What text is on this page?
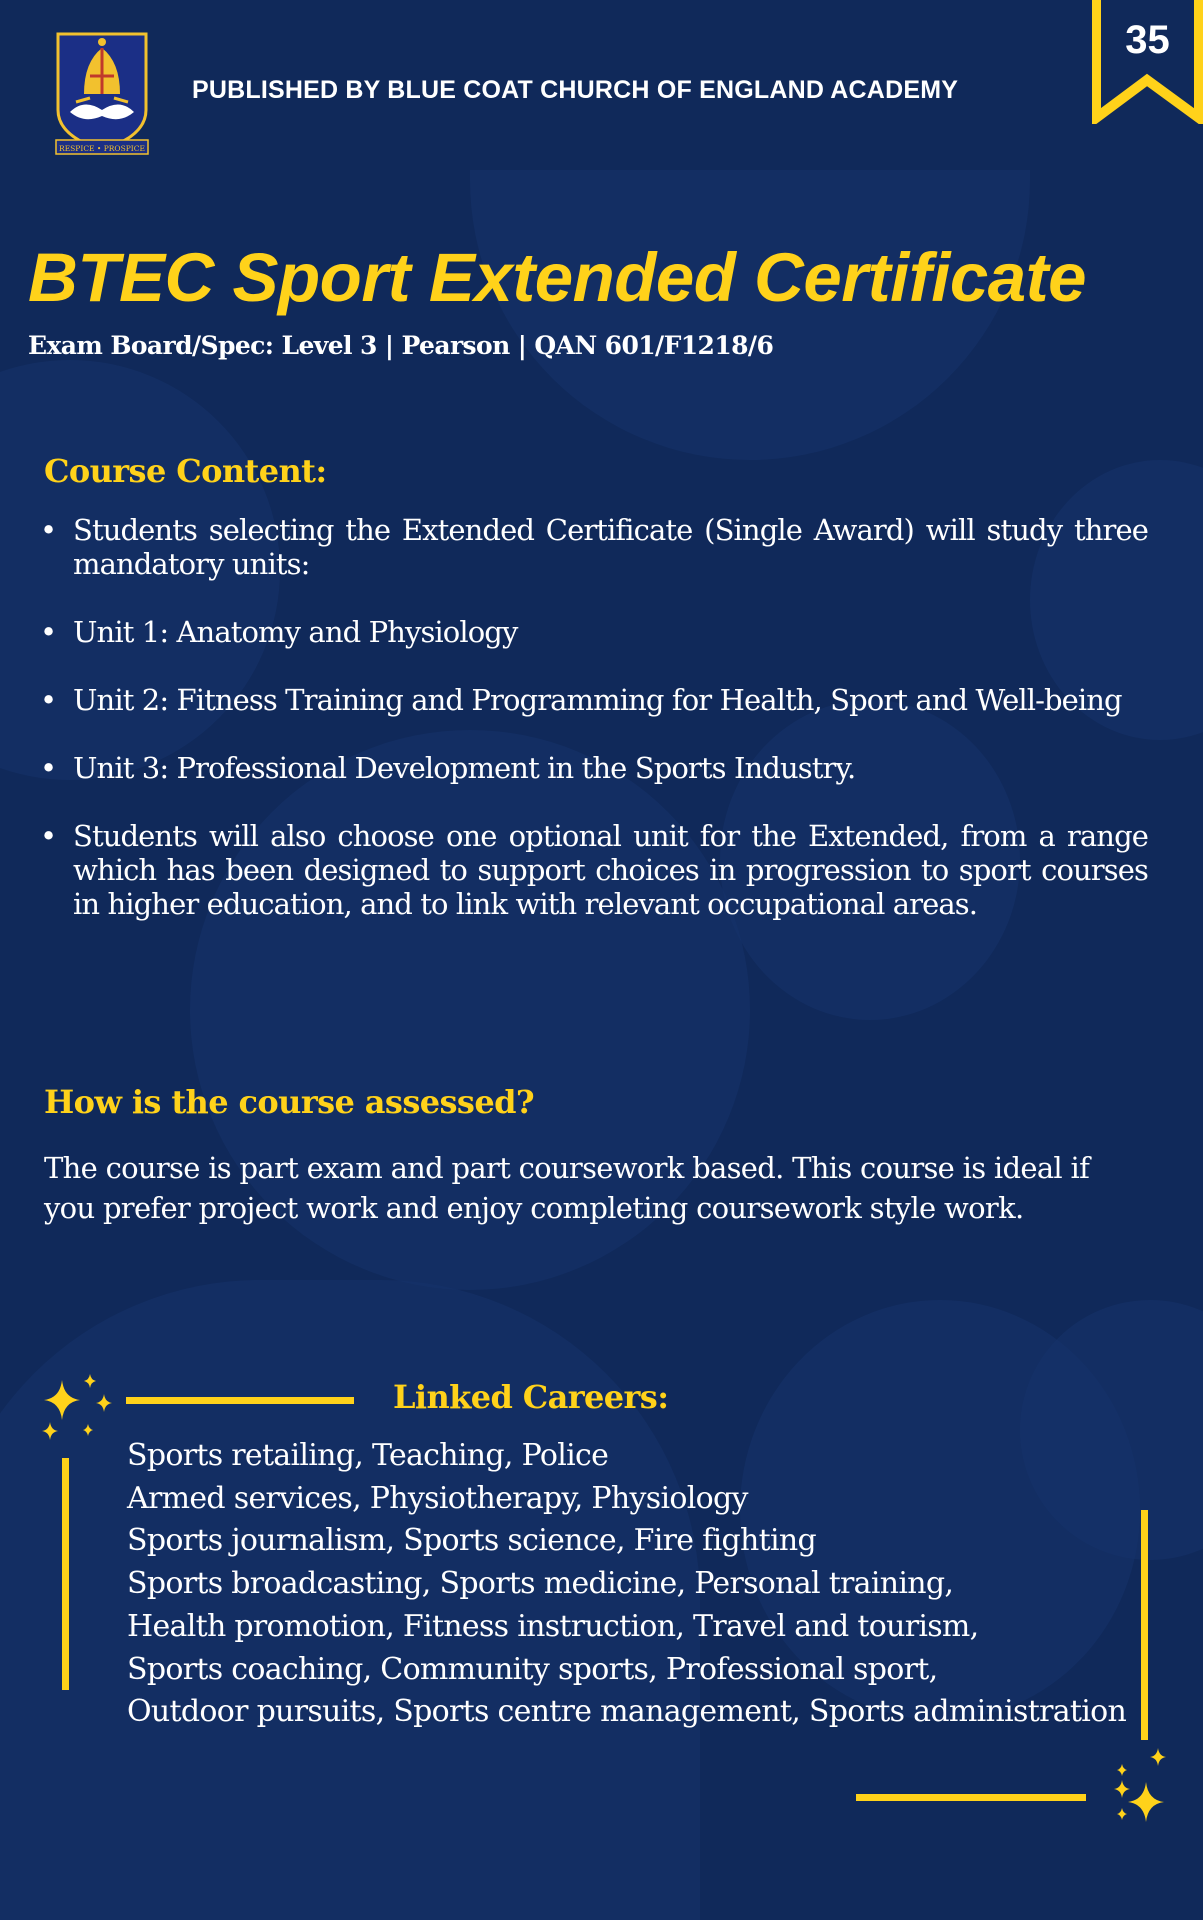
RESPICE • PROSPICE
PUBLISHED BY BLUE COAT CHURCH OF ENGLAND ACADEMY
35
BTEC Sport Extended Certificate
Exam Board/Spec: Level 3 | Pearson | QAN 601/F1218/6
Course Content:
• Students selecting the Extended Certificate (Single Award) will study three mandatory units:
• Unit 1: Anatomy and Physiology
• Unit 2: Fitness Training and Programming for Health, Sport and Well-being
• Unit 3: Professional Development in the Sports Industry.
• Students will also choose one optional unit for the Extended, from a range which has been designed to support choices in progression to sport courses in higher education, and to link with relevant occupational areas.
How is the course assessed?
The course is part exam and part coursework based. This course is ideal if you prefer project work and enjoy completing coursework style work.
Linked Careers:
Sports retailing, Teaching, Police
Armed services, Physiotherapy, Physiology
Sports journalism, Sports science, Fire fighting
Sports broadcasting, Sports medicine, Personal training,
Health promotion, Fitness instruction, Travel and tourism,
Sports coaching, Community sports, Professional sport,
Outdoor pursuits, Sports centre management, Sports administration
